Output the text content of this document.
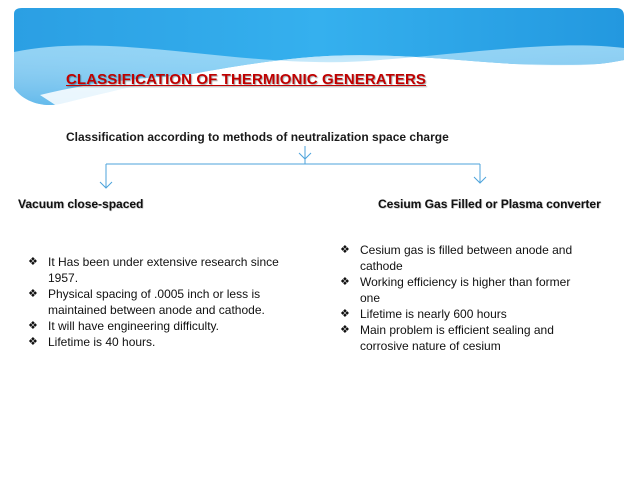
CLASSIFICATION OF THERMIONIC GENERATERS
Classification according to methods of neutralization space charge
Vacuum close-spaced	Cesium Gas Filled or Plasma converter
❖ It Has been under extensive research since 1957.
❖ Physical spacing of .0005 inch or less is maintained between anode and cathode.
❖ It will have engineering difficulty.
❖ Lifetime is 40 hours.
❖ Cesium gas is filled between anode and cathode
❖ Working efficiency is higher than former one
❖ Lifetime is nearly 600 hours
❖ Main problem is efficient sealing and corrosive nature of cesium
